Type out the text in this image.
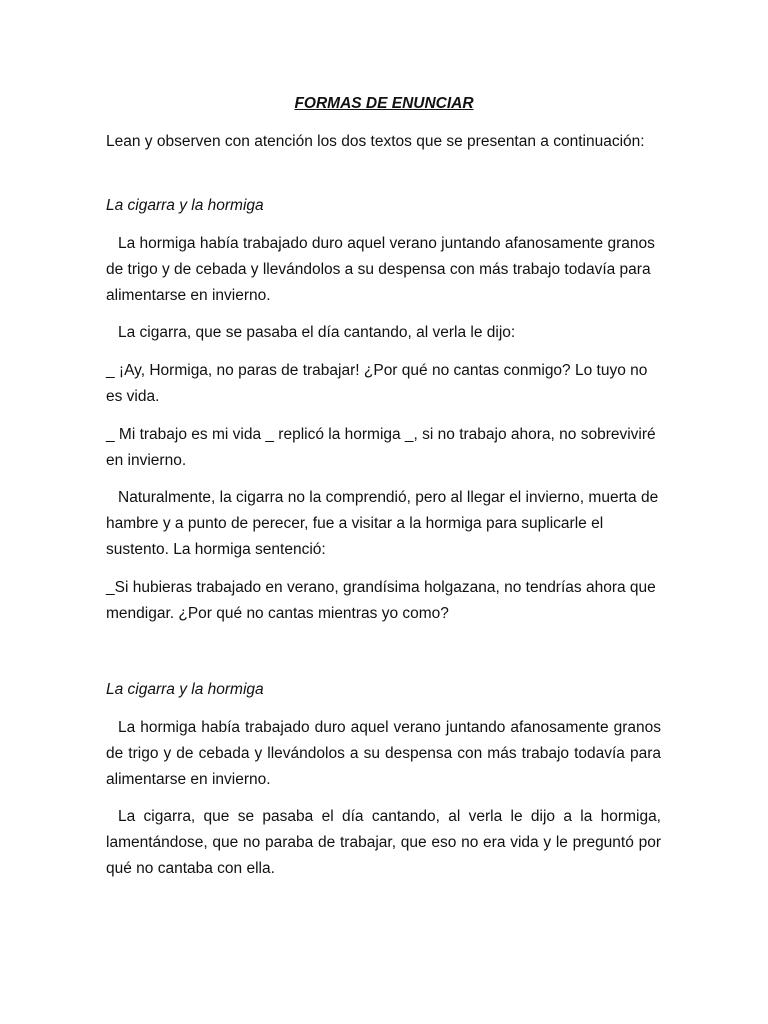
FORMAS DE ENUNCIAR

Lean y observen con atención los dos textos que se presentan a continuación:

La cigarra y la hormiga

La hormiga había trabajado duro aquel verano juntando afanosamente granos de trigo y de cebada y llevándolos a su despensa con más trabajo todavía para alimentarse en invierno.

La cigarra, que se pasaba el día cantando, al verla le dijo:

_ ¡Ay, Hormiga, no paras de trabajar! ¿Por qué no cantas conmigo? Lo tuyo no es vida.

_ Mi trabajo es mi vida _ replicó la hormiga _, si no trabajo ahora, no sobreviviré en invierno.

Naturalmente, la cigarra no la comprendió, pero al llegar el invierno, muerta de hambre y a punto de perecer, fue a visitar a la hormiga para suplicarle el sustento. La hormiga sentenció:

_Si hubieras trabajado en verano, grandísima holgazana, no tendrías ahora que mendigar. ¿Por qué no cantas mientras yo como?

La cigarra y la hormiga

La hormiga había trabajado duro aquel verano juntando afanosamente granos de trigo y de cebada y llevándolos a su despensa con más trabajo todavía para alimentarse en invierno.

La cigarra, que se pasaba el día cantando, al verla le dijo a la hormiga, lamentándose, que no paraba de trabajar, que eso no era vida y le preguntó por qué no cantaba con ella.
